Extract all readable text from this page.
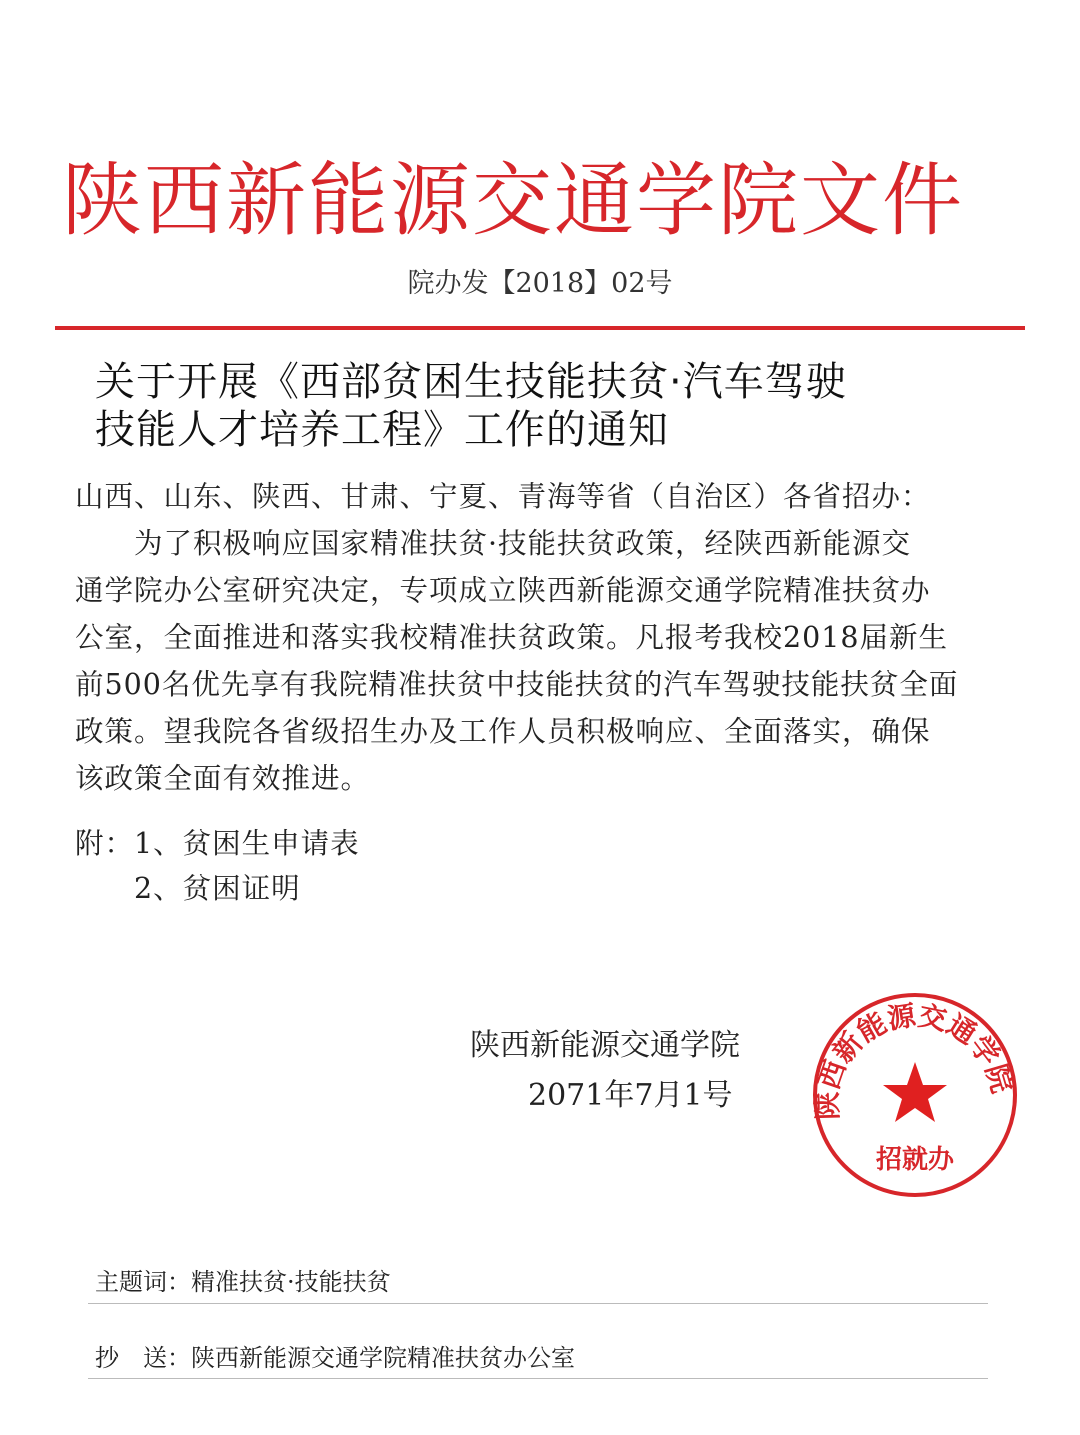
陕西新能源交通学院文件
院办发【2018】02号
关于开展《西部贫困生技能扶贫·汽车驾驶
技能人才培养工程》工作的通知
山西、山东、陕西、甘肃、宁夏、青海等省（自治区）各省招办：
　　为了积极响应国家精准扶贫·技能扶贫政策，经陕西新能源交
通学院办公室研究决定，专项成立陕西新能源交通学院精准扶贫办
公室，全面推进和落实我校精准扶贫政策。凡报考我校2018届新生
前500名优先享有我院精准扶贫中技能扶贫的汽车驾驶技能扶贫全面
政策。望我院各省级招生办及工作人员积极响应、全面落实，确保
该政策全面有效推进。
附：1、贫困生申请表
　　2、贫困证明
陕西新能源交通学院
2071年7月1号	陕西新能源交通学院
招就办
主题词：精准扶贫·技能扶贫
抄　送：陕西新能源交通学院精准扶贫办公室
